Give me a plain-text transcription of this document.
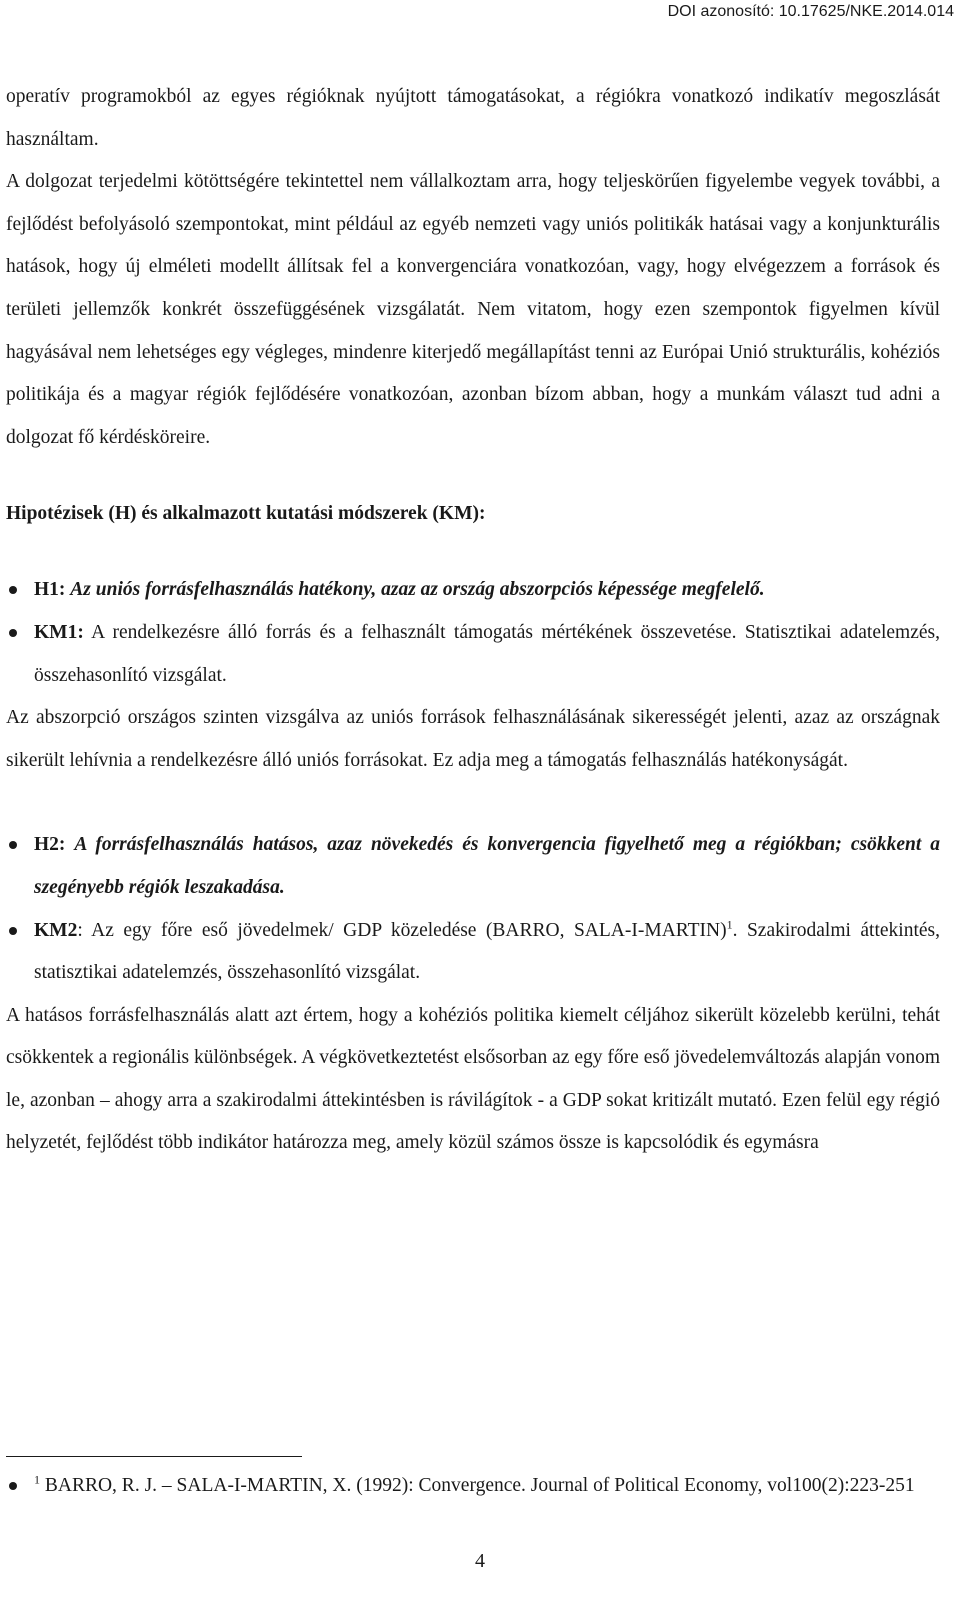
DOI azonosító: 10.17625/NKE.2014.014

operatív programokból az egyes régióknak nyújtott támogatásokat, a régiókra vonatkozó indikatív megoszlását használtam.

A dolgozat terjedelmi kötöttségére tekintettel nem vállalkoztam arra, hogy teljeskörűen figyelembe vegyek további, a fejlődést befolyásoló szempontokat, mint például az egyéb nemzeti vagy uniós politikák hatásai vagy a konjunkturális hatások, hogy új elméleti modellt állítsak fel a konvergenciára vonatkozóan, vagy, hogy elvégezzem a források és területi jellemzők konkrét összefüggésének vizsgálatát. Nem vitatom, hogy ezen szempontok figyelmen kívül hagyásával nem lehetséges egy végleges, mindenre kiterjedő megállapítást tenni az Európai Unió strukturális, kohéziós politikája és a magyar régiók fejlődésére vonatkozóan, azonban bízom abban, hogy a munkám választ tud adni a dolgozat fő kérdésköreire.

Hipotézisek (H) és alkalmazott kutatási módszerek (KM):
H1: Az uniós forrásfelhasználás hatékony, azaz az ország abszorpciós képessége megfelelő.
KM1: A rendelkezésre álló forrás és a felhasznált támogatás mértékének összevetése. Statisztikai adatelemzés, összehasonlító vizsgálat.

Az abszorpció országos szinten vizsgálva az uniós források felhasználásának sikerességét jelenti, azaz az országnak sikerült lehívnia a rendelkezésre álló uniós forrásokat. Ez adja meg a támogatás felhasználás hatékonyságát.

H2: A forrásfelhasználás hatásos, azaz növekedés és konvergencia figyelhető meg a régiókban; csökkent a szegényebb régiók leszakadása.
KM2: Az egy főre eső jövedelmek/ GDP közeledése (BARRO, SALA-I-MARTIN)$^1$. Szakirodalmi áttekintés, statisztikai adatelemzés, összehasonlító vizsgálat.

A hatásos forrásfelhasználás alatt azt értem, hogy a kohéziós politika kiemelt céljához sikerült közelebb kerülni, tehát csökkentek a regionális különbségek. A végkövetkeztetést elsősorban az egy főre eső jövedelemváltozás alapján vonom le, azonban – ahogy arra a szakirodalmi áttekintésben is rávilágítok - a GDP sokat kritizált mutató. Ezen felül egy régió helyzetét, fejlődést több indikátor határozza meg, amely közül számos össze is kapcsolódik és egymásra

$^1$ BARRO, R. J. – SALA-I-MARTIN, X. (1992): Convergence. Journal of Political Economy, vol100(2):223-251
4
